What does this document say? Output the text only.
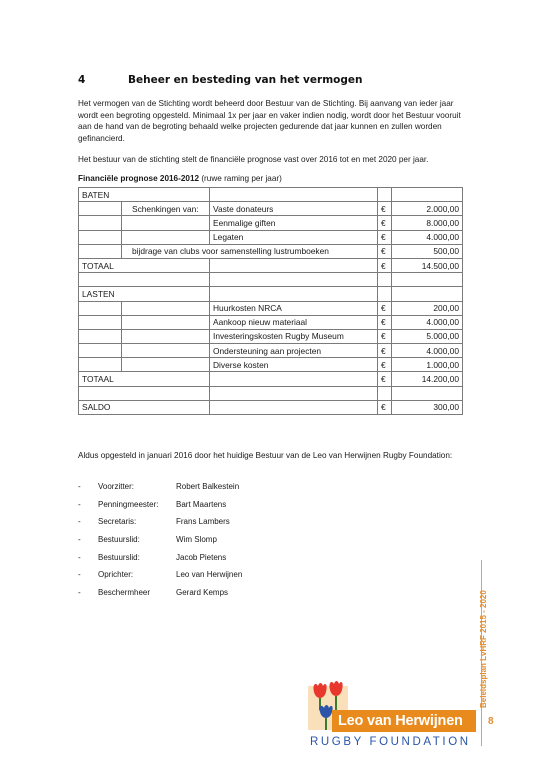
4	Beheer en besteding van het vermogen

Het vermogen van de Stichting wordt beheerd door Bestuur van de Stichting. Bij aanvang van ieder jaar wordt een begroting opgesteld. Minimaal 1x per jaar en vaker indien nodig, wordt door het Bestuur vooruit aan de hand van de begroting behaald welke projecten gedurende dat jaar kunnen en zullen worden gefinancierd.

Het bestuur van de stichting stelt de financiële prognose vast over 2016 tot en met 2020 per jaar.

Financiële prognose 2016-2012 (ruwe raming per jaar)
BATEN				
	Schenkingen van:	Vaste donateurs	€	2.000,00
		Eenmalige giften	€	8.000,00
		Legaten	€	4.000,00
	bijdrage van clubs voor samenstelling lustrumboeken		€	500,00
TOTAAL			€	14.500,00

LASTEN				
		Huurkosten NRCA	€	200,00
		Aankoop nieuw materiaal	€	4.000,00
		Investeringskosten Rugby Museum	€	5.000,00
		Ondersteuning aan projecten	€	4.000,00
		Diverse kosten	€	1.000,00
TOTAAL			€	14.200,00

SALDO			€	300,00

Aldus opgesteld in januari 2016 door het huidige Bestuur van de Leo van Herwijnen Rugby Foundation:

-	Voorzitter:	Robert Balkestein
-	Penningmeester:	Bart Maartens
-	Secretaris:	Frans Lambers
-	Bestuurslid:	Wim Slomp
-	Bestuurslid:	Jacob Pietens
-	Oprichter:	Leo van Herwijnen
-	Beschermheer	Gerard Kemps	Beleidsplan LvHRF 2015 - 2020
8
Leo van Herwijnen
RUGBY FOUNDATION
